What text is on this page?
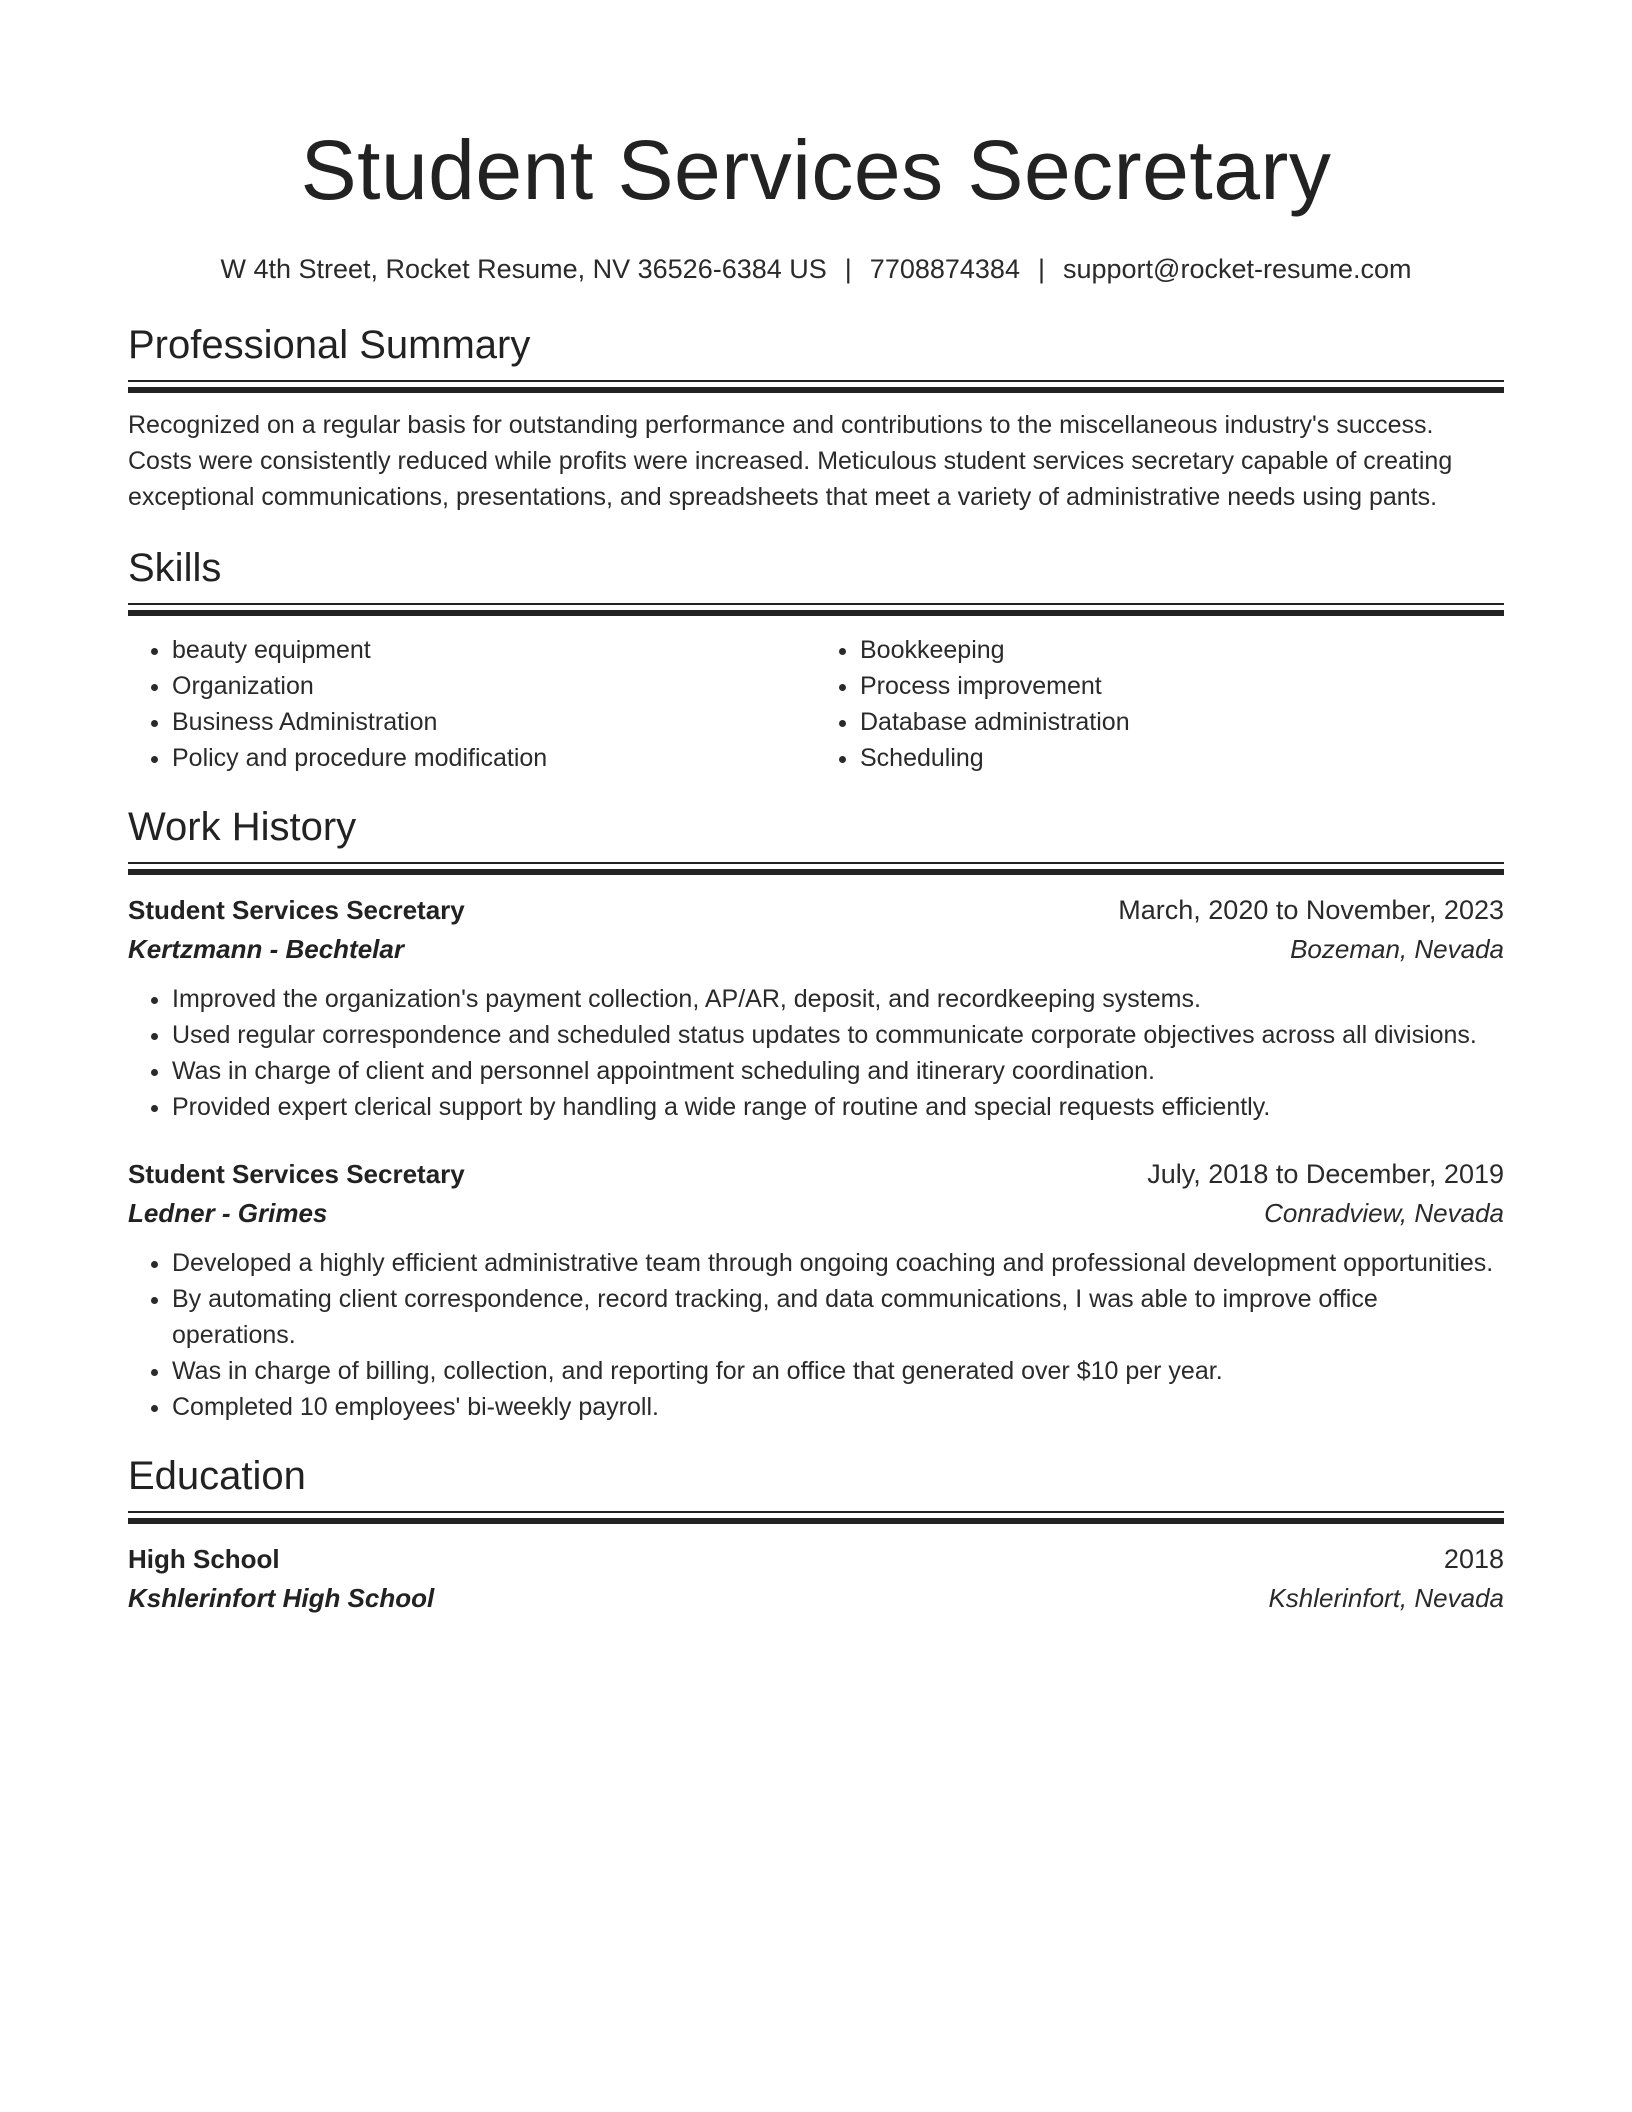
Student Services Secretary
W 4th Street, Rocket Resume, NV 36526-6384 US | 7708874384 | support@rocket-resume.com
Professional Summary
Recognized on a regular basis for outstanding performance and contributions to the miscellaneous industry's success. Costs were consistently reduced while profits were increased. Meticulous student services secretary capable of creating exceptional communications, presentations, and spreadsheets that meet a variety of administrative needs using pants.
Skills
• beauty equipment
• Organization
• Business Administration
• Policy and procedure modification
• Bookkeeping
• Process improvement
• Database administration
• Scheduling
Work History
Student Services Secretary	March, 2020 to November, 2023
Kertzmann - Bechtelar	Bozeman, Nevada
• Improved the organization's payment collection, AP/AR, deposit, and recordkeeping systems.
• Used regular correspondence and scheduled status updates to communicate corporate objectives across all divisions.
• Was in charge of client and personnel appointment scheduling and itinerary coordination.
• Provided expert clerical support by handling a wide range of routine and special requests efficiently.
Student Services Secretary	July, 2018 to December, 2019
Ledner - Grimes	Conradview, Nevada
• Developed a highly efficient administrative team through ongoing coaching and professional development opportunities.
• By automating client correspondence, record tracking, and data communications, I was able to improve office operations.
• Was in charge of billing, collection, and reporting for an office that generated over $10 per year.
• Completed 10 employees' bi-weekly payroll.
Education
High School	2018
Kshlerinfort High School	Kshlerinfort, Nevada
